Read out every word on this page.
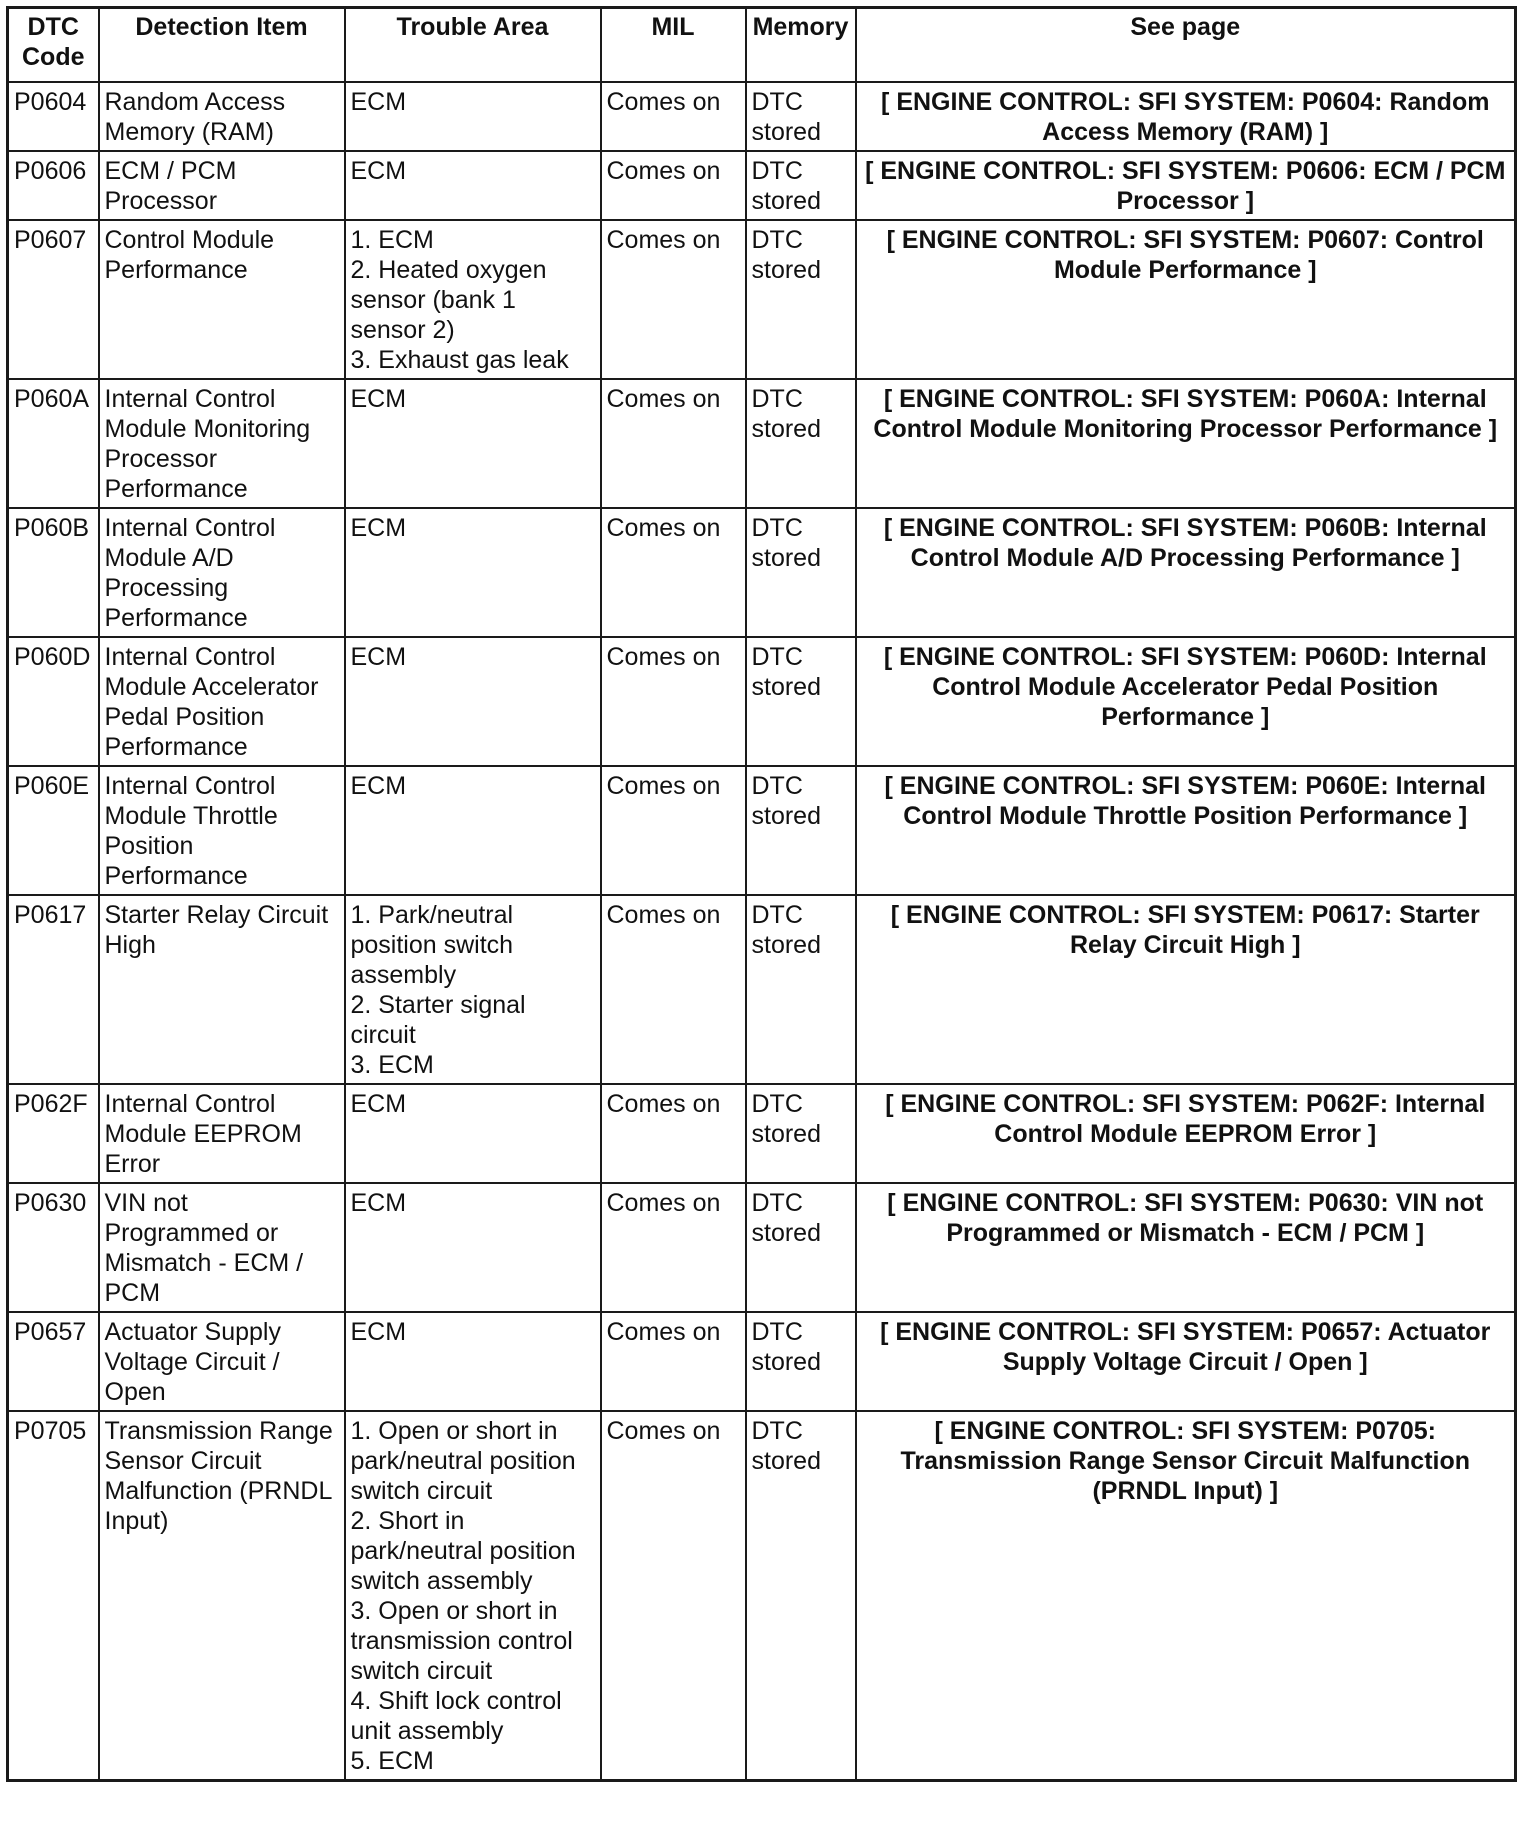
DTC Code	Detection Item	Trouble Area	MIL	Memory	See page
P0604	Random Access Memory (RAM)	ECM	Comes on	DTC stored	[ ENGINE CONTROL: SFI SYSTEM: P0604: Random Access Memory (RAM) ]
P0606	ECM / PCM Processor	ECM	Comes on	DTC stored	[ ENGINE CONTROL: SFI SYSTEM: P0606: ECM / PCM Processor ]
P0607	Control Module Performance	1. ECM
2. Heated oxygen sensor (bank 1 sensor 2)
3. Exhaust gas leak	Comes on	DTC stored	[ ENGINE CONTROL: SFI SYSTEM: P0607: Control Module Performance ]
P060A	Internal Control Module Monitoring Processor Performance	ECM	Comes on	DTC stored	[ ENGINE CONTROL: SFI SYSTEM: P060A: Internal Control Module Monitoring Processor Performance ]
P060B	Internal Control Module A/D Processing Performance	ECM	Comes on	DTC stored	[ ENGINE CONTROL: SFI SYSTEM: P060B: Internal Control Module A/D Processing Performance ]
P060D	Internal Control Module Accelerator Pedal Position Performance	ECM	Comes on	DTC stored	[ ENGINE CONTROL: SFI SYSTEM: P060D: Internal Control Module Accelerator Pedal Position Performance ]
P060E	Internal Control Module Throttle Position Performance	ECM	Comes on	DTC stored	[ ENGINE CONTROL: SFI SYSTEM: P060E: Internal Control Module Throttle Position Performance ]
P0617	Starter Relay Circuit High	1. Park/neutral position switch assembly
2. Starter signal circuit
3. ECM	Comes on	DTC stored	[ ENGINE CONTROL: SFI SYSTEM: P0617: Starter Relay Circuit High ]
P062F	Internal Control Module EEPROM Error	ECM	Comes on	DTC stored	[ ENGINE CONTROL: SFI SYSTEM: P062F: Internal Control Module EEPROM Error ]
P0630	VIN not Programmed or Mismatch - ECM / PCM	ECM	Comes on	DTC stored	[ ENGINE CONTROL: SFI SYSTEM: P0630: VIN not Programmed or Mismatch - ECM / PCM ]
P0657	Actuator Supply Voltage Circuit / Open	ECM	Comes on	DTC stored	[ ENGINE CONTROL: SFI SYSTEM: P0657: Actuator Supply Voltage Circuit / Open ]
P0705	Transmission Range Sensor Circuit Malfunction (PRNDL Input)	1. Open or short in park/neutral position switch circuit
2. Short in park/neutral position switch assembly
3. Open or short in transmission control switch circuit
4. Shift lock control unit assembly
5. ECM	Comes on	DTC stored	[ ENGINE CONTROL: SFI SYSTEM: P0705: Transmission Range Sensor Circuit Malfunction (PRNDL Input) ]
